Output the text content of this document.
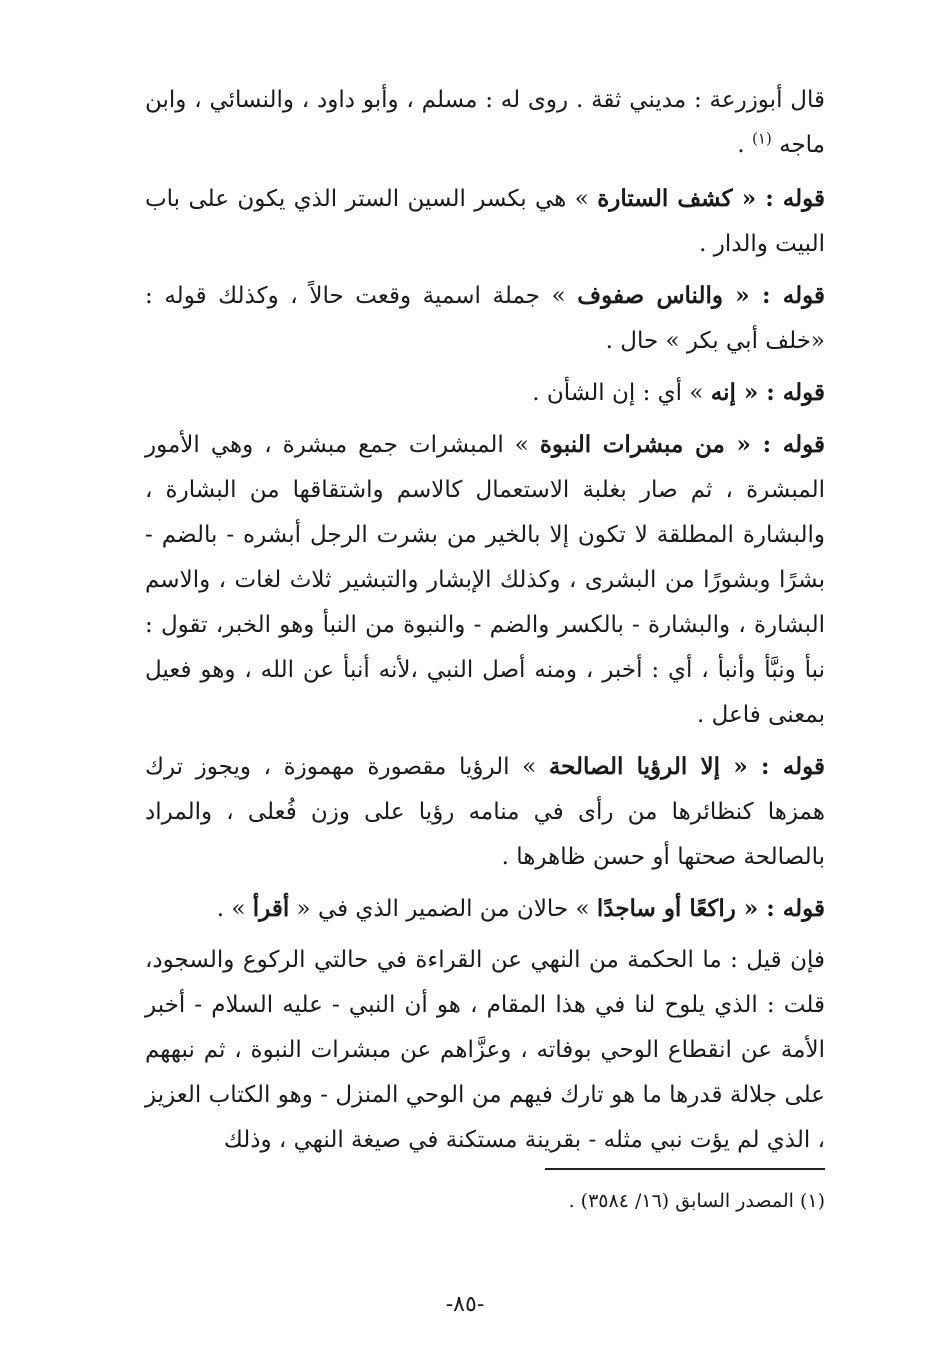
قال أبوزرعة : مديني ثقة . روى له : مسلم ، وأبو داود ، والنسائي ، وابن ماجه $^{(١)}$ .

قوله : « كشف الستارة » هي بكسر السين الستر الذي يكون على باب البيت والدار .

قوله : « والناس صفوف » جملة اسمية وقعت حالاً ، وكذلك قوله : «خلف أبي بكر » حال .

قوله : « إنه » أي : إن الشأن .

قوله : « من مبشرات النبوة » المبشرات جمع مبشرة ، وهي الأمور المبشرة ، ثم صار بغلبة الاستعمال كالاسم واشتقاقها من البشارة ، والبشارة المطلقة لا تكون إلا بالخير من بشرت الرجل أبشره - بالضم - بشرًا وبشورًا من البشرى ، وكذلك الإبشار والتبشير ثلاث لغات ، والاسم البشارة ، والبشارة - بالكسر والضم - والنبوة من النبأ وهو الخبر، تقول : نبأ ونبَّأ وأنبأ ، أي : أخبر ، ومنه أصل النبي ،لأنه أنبأ عن الله ، وهو فعيل بمعنى فاعل .

قوله : « إلا الرؤيا الصالحة » الرؤيا مقصورة مهموزة ، ويجوز ترك همزها كنظائرها من رأى في منامه رؤيا على وزن فُعلى ، والمراد بالصالحة صحتها أو حسن ظاهرها .

قوله : « راكعًا أو ساجدًا » حالان من الضمير الذي في « أقرأ » .

فإن قيل : ما الحكمة من النهي عن القراءة في حالتي الركوع والسجود، قلت : الذي يلوح لنا في هذا المقام ، هو أن النبي - عليه السلام - أخبر الأمة عن انقطاع الوحي بوفاته ، وعزَّاهم عن مبشرات النبوة ، ثم نبههم على جلالة قدرها ما هو تارك فيهم من الوحي المنزل - وهو الكتاب العزيز ، الذي لم يؤت نبي مثله - بقرينة مستكنة في صيغة النهي ، وذلك

(١) المصدر السابق (١٦/ ٣٥٨٤) .
-٨٥-
